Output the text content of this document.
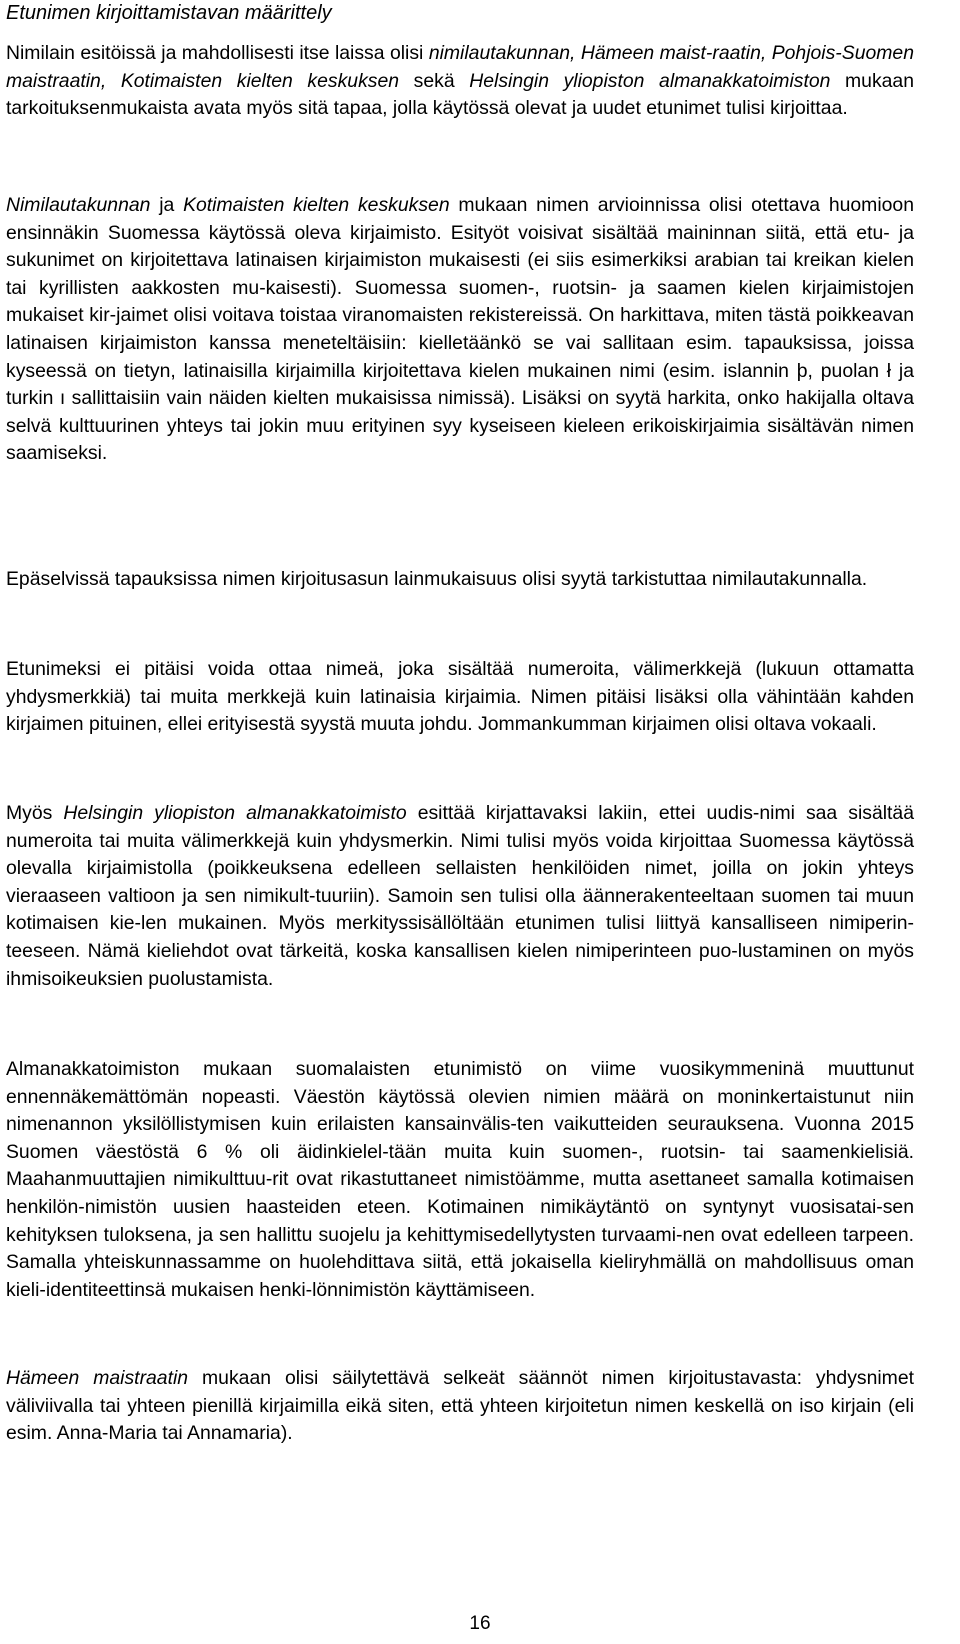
Etunimen kirjoittamistavan määrittely

Nimilain esitöissä ja mahdollisesti itse laissa olisi nimilautakunnan, Hämeen maist-raatin, Pohjois-Suomen maistraatin, Kotimaisten kielten keskuksen sekä Helsingin yliopiston almanakkatoimiston mukaan tarkoituksenmukaista avata myös sitä tapaa, jolla käytössä olevat ja uudet etunimet tulisi kirjoittaa.

Nimilautakunnan ja Kotimaisten kielten keskuksen mukaan nimen arvioinnissa olisi otettava huomioon ensinnäkin Suomessa käytössä oleva kirjaimisto. Esityöt voisivat sisältää maininnan siitä, että etu- ja sukunimet on kirjoitettava latinaisen kirjaimiston mukaisesti (ei siis esimerkiksi arabian tai kreikan kielen tai kyrillisten aakkosten mu-kaisesti). Suomessa suomen-, ruotsin- ja saamen kielen kirjaimistojen mukaiset kir-jaimet olisi voitava toistaa viranomaisten rekistereissä. On harkittava, miten tästä poikkeavan latinaisen kirjaimiston kanssa meneteltäisiin: kielletäänkö se vai sallitaan esim. tapauksissa, joissa kyseessä on tietyn, latinaisilla kirjaimilla kirjoitettava kielen mukainen nimi (esim. islannin þ, puolan ł ja turkin ı sallittaisiin vain näiden kielten mukaisissa nimissä). Lisäksi on syytä harkita, onko hakijalla oltava selvä kulttuurinen yhteys tai jokin muu erityinen syy kyseiseen kieleen erikoiskirjaimia sisältävän nimen saamiseksi.

Epäselvissä tapauksissa nimen kirjoitusasun lainmukaisuus olisi syytä tarkistuttaa nimilautakunnalla.

Etunimeksi ei pitäisi voida ottaa nimeä, joka sisältää numeroita, välimerkkejä (lukuun ottamatta yhdysmerkkiä) tai muita merkkejä kuin latinaisia kirjaimia. Nimen pitäisi lisäksi olla vähintään kahden kirjaimen pituinen, ellei erityisestä syystä muuta johdu. Jommankumman kirjaimen olisi oltava vokaali.

Myös Helsingin yliopiston almanakkatoimisto esittää kirjattavaksi lakiin, ettei uudis-nimi saa sisältää numeroita tai muita välimerkkejä kuin yhdysmerkin. Nimi tulisi myös voida kirjoittaa Suomessa käytössä olevalla kirjaimistolla (poikkeuksena edelleen sellaisten henkilöiden nimet, joilla on jokin yhteys vieraaseen valtioon ja sen nimikult-tuuriin). Samoin sen tulisi olla äännerakenteeltaan suomen tai muun kotimaisen kie-len mukainen. Myös merkityssisällöltään etunimen tulisi liittyä kansalliseen nimiperin-teeseen. Nämä kieliehdot ovat tärkeitä, koska kansallisen kielen nimiperinteen puo-lustaminen on myös ihmisoikeuksien puolustamista.

Almanakkatoimiston mukaan suomalaisten etunimistö on viime vuosikymmeninä muuttunut ennennäkemättömän nopeasti. Väestön käytössä olevien nimien määrä on moninkertaistunut niin nimenannon yksilöllistymisen kuin erilaisten kansainvälis-ten vaikutteiden seurauksena. Vuonna 2015 Suomen väestöstä 6 % oli äidinkielel-tään muita kuin suomen-, ruotsin- tai saamenkielisiä. Maahanmuuttajien nimikulttuu-rit ovat rikastuttaneet nimistöämme, mutta asettaneet samalla kotimaisen henkilön-nimistön uusien haasteiden eteen. Kotimainen nimikäytäntö on syntynyt vuosisatai-sen kehityksen tuloksena, ja sen hallittu suojelu ja kehittymisedellytysten turvaami-nen ovat edelleen tarpeen. Samalla yhteiskunnassamme on huolehdittava siitä, että jokaisella kieliryhmällä on mahdollisuus oman kieli-identiteettinsä mukaisen henki-lönnimistön käyttämiseen.

Hämeen maistraatin mukaan olisi säilytettävä selkeät säännöt nimen kirjoitustavasta: yhdysnimet väliviivalla tai yhteen pienillä kirjaimilla eikä siten, että yhteen kirjoitetun nimen keskellä on iso kirjain (eli esim. Anna-Maria tai Annamaria).

16
